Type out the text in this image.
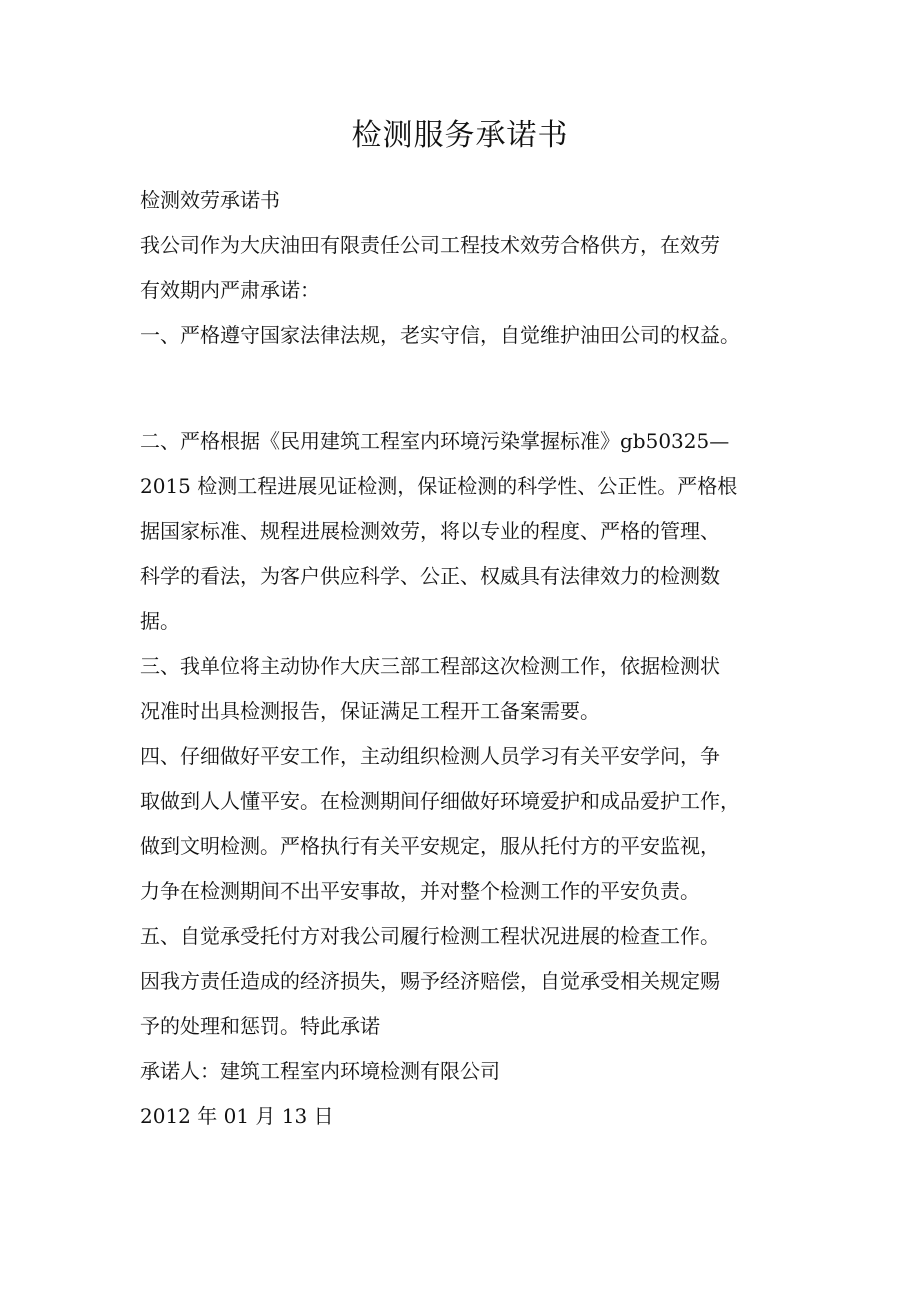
检测服务承诺书
检测效劳承诺书
我公司作为大庆油田有限责任公司工程技术效劳合格供方，在效劳
有效期内严肃承诺：
一、严格遵守国家法律法规，老实守信，自觉维护油田公司的权益。
二、严格根据《民用建筑工程室内环境污染掌握标准》gb50325—
2015 检测工程进展见证检测，保证检测的科学性、公正性。严格根
据国家标准、规程进展检测效劳，将以专业的程度、严格的管理、
科学的看法，为客户供应科学、公正、权威具有法律效力的检测数
据。
三、我单位将主动协作大庆三部工程部这次检测工作，依据检测状
况准时出具检测报告，保证满足工程开工备案需要。
四、仔细做好平安工作，主动组织检测人员学习有关平安学问，争
取做到人人懂平安。在检测期间仔细做好环境爱护和成品爱护工作，
做到文明检测。严格执行有关平安规定，服从托付方的平安监视，
力争在检测期间不出平安事故，并对整个检测工作的平安负责。
五、自觉承受托付方对我公司履行检测工程状况进展的检查工作。
因我方责任造成的经济损失，赐予经济赔偿，自觉承受相关规定赐
予的处理和惩罚。特此承诺
承诺人：建筑工程室内环境检测有限公司
2012 年 01 月 13 日
